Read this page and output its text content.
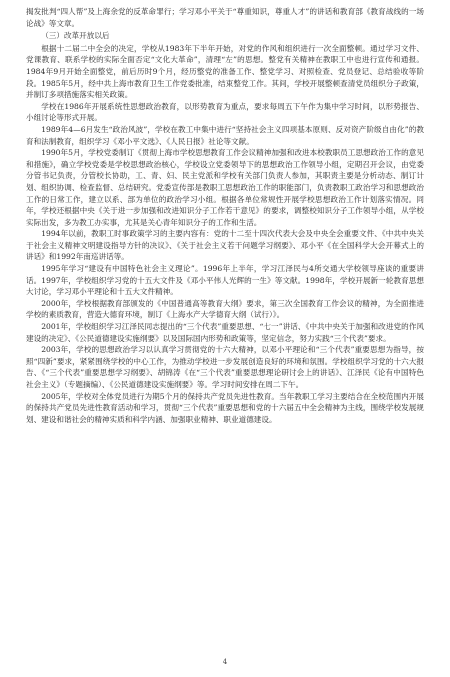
揭发批判“四人帮”及上海余党的反革命罪行；学习邓小平关于“尊重知识，尊重人才”的讲话和教育部《教育战线的一场论战》等文章。

（三）改革开放以后

根据十二届二中全会的决定，学校从1983年下半年开始，对党的作风和组织进行一次全面整顿。通过学习文件、党课教育、联系学校的实际全面否定“文化大革命”，清理“左”的思想。整党有关精神在教职工中也进行宣传和通报。1984年9月开始全面整党，前后历时9个月，经历整党的准备工作、整党学习、对照检查、党员登记、总结验收等阶段。1985年5月，经中共上海市教育卫生工作党委批准，结束整党工作。其间，学校开展整顿查清党员组织分子政策，并制订多项措施落实相关政策。

学校在1986年开展系统性思想政治教育，以形势教育为重点，要求每周五下午作为集中学习时间，以形势报告、小组讨论等形式开展。

1989年4—6月发生“政治风波”，学校在教工中集中进行“坚持社会主义四项基本原则、反对资产阶级自由化”的教育和法制教育，组织学习《邓小平文选》、《人民日报》社论等文献。

1990年5月，学校党委制订《贯彻上海市学校思想教育工作会议精神加强和改进本校教职员工思想政治工作的意见和措施》，确立学校党委是学校思想政治核心，学校设立党委领导下的思想政治工作领导小组，定期召开会议，由党委分管书记负责，分管校长协助，工、青、妇、民主党派和学校有关部门负责人参加，其职责主要是分析动态、制订计划、组织协调、检查监督、总结研究。党委宣传部是教职工思想政治工作的职能部门，负责教职工政治学习和思想政治工作的日常工作，建立以系、部为单位的政治学习小组。根据各单位常规性开展学校思想政治工作计划落实情况。同年，学校还根据中央《关于进一步加强和改进知识分子工作若干意见》的要求，调整校知识分子工作领导小组，从学校实际出发，多为教工办实事，尤其是关心青年知识分子的工作和生活。

1994年以前，教职工时事政策学习的主要内容有：党的十二至十四次代表大会及中央全会重要文件、《中共中央关于社会主义精神文明建设指导方针的决议》、《关于社会主义若干问题学习纲要》、邓小平《在全国科学大会开幕式上的讲话》和1992年南巡讲话等。

1995年学习“建设有中国特色社会主义理论”。1996年上半年，学习江泽民与4所交通大学校领导座谈的重要讲话。1997年，学校组织学习党的十五大文件及《邓小平伟人光辉的一生》等文献。1998年，学校开展新一轮教育思想大讨论，学习邓小平理论和十五大文件精神。

2000年，学校根据教育部颁发的《中国普通高等教育大纲》要求，第三次全国教育工作会议的精神，为全面推进学校的素质教育，营造大德育环境，制订《上海水产大学德育大纲（试行）》。

2001年，学校组织学习江泽民同志提出的“三个代表”重要思想、“七一”讲话、《中共中央关于加强和改进党的作风建设的决定》、《公民道德建设实施纲要》以及国际国内形势和政策等，坚定信念，努力实践“三个代表”要求。

2003年，学校的思想政治学习以认真学习贯彻党的十六大精神，以邓小平理论和“三个代表”重要思想为指导，按照“四新”要求，紧紧围绕学校的中心工作，为推动学校进一步发展创造良好的环境和氛围。学校组织学习党的十六大报告、《“三个代表”重要思想学习纲要》、胡锦涛《在“三个代表”重要思想理论研讨会上的讲话》、江泽民《论有中国特色社会主义》（专题摘编）、《公民道德建设实施纲要》等。学习时间安排在周二下午。

2005年，学校对全体党员进行为期5个月的保持共产党员先进性教育。当年教职工学习主要结合在全校范围内开展的保持共产党员先进性教育活动和学习，贯彻“三个代表”重要思想和党的十六届五中全会精神为主线，围绕学校发展规划、建设和谐社会的精神实质和科学内涵、加强职业精神、职业道德建设。

4
